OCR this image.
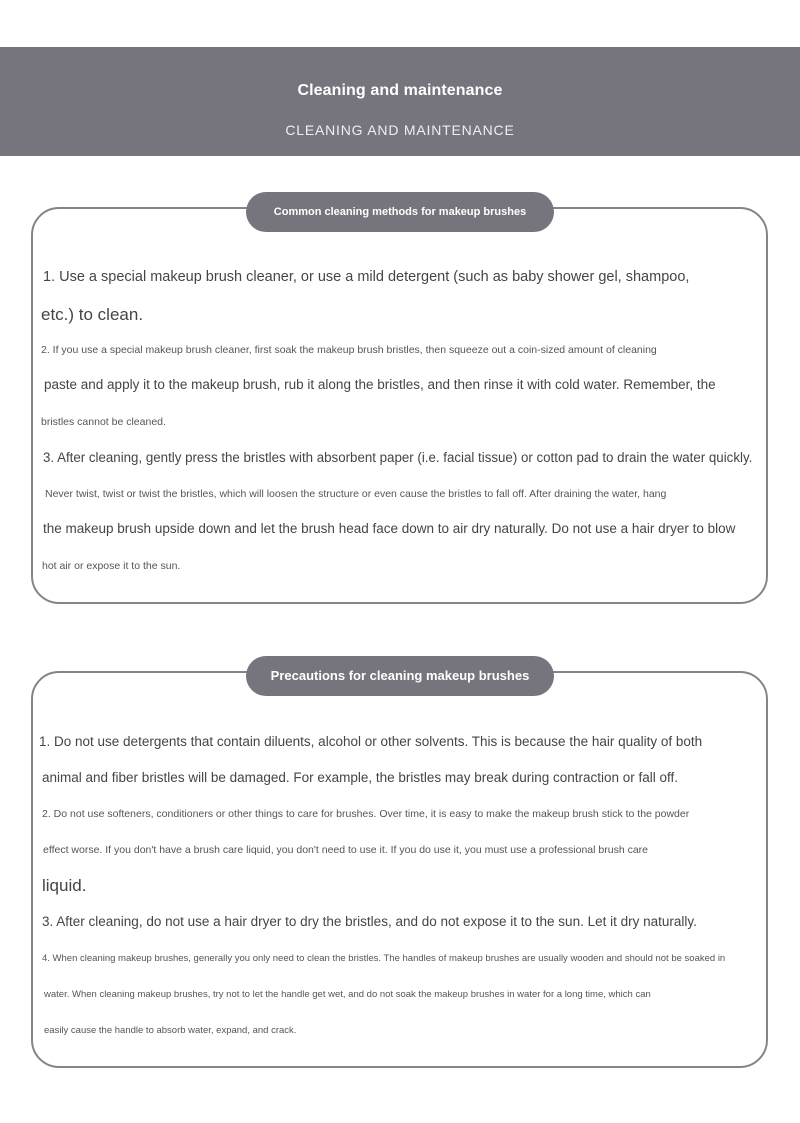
Cleaning and maintenance
CLEANING AND MAINTENANCE
Common cleaning methods for makeup brushes
1. Use a special makeup brush cleaner, or use a mild detergent (such as baby shower gel, shampoo,
etc.) to clean.
2. If you use a special makeup brush cleaner, first soak the makeup brush bristles, then squeeze out a coin-sized amount of cleaning
paste and apply it to the makeup brush, rub it along the bristles, and then rinse it with cold water. Remember, the
bristles cannot be cleaned.
3. After cleaning, gently press the bristles with absorbent paper (i.e. facial tissue) or cotton pad to drain the water quickly.
Never twist, twist or twist the bristles, which will loosen the structure or even cause the bristles to fall off. After draining the water, hang
the makeup brush upside down and let the brush head face down to air dry naturally. Do not use a hair dryer to blow
hot air or expose it to the sun.
Precautions for cleaning makeup brushes
1. Do not use detergents that contain diluents, alcohol or other solvents. This is because the hair quality of both
animal and fiber bristles will be damaged. For example, the bristles may break during contraction or fall off.
2. Do not use softeners, conditioners or other things to care for brushes. Over time, it is easy to make the makeup brush stick to the powder
effect worse. If you don't have a brush care liquid, you don't need to use it. If you do use it, you must use a professional brush care
liquid.
3. After cleaning, do not use a hair dryer to dry the bristles, and do not expose it to the sun. Let it dry naturally.
4. When cleaning makeup brushes, generally you only need to clean the bristles. The handles of makeup brushes are usually wooden and should not be soaked in
water. When cleaning makeup brushes, try not to let the handle get wet, and do not soak the makeup brushes in water for a long time, which can
easily cause the handle to absorb water, expand, and crack.
